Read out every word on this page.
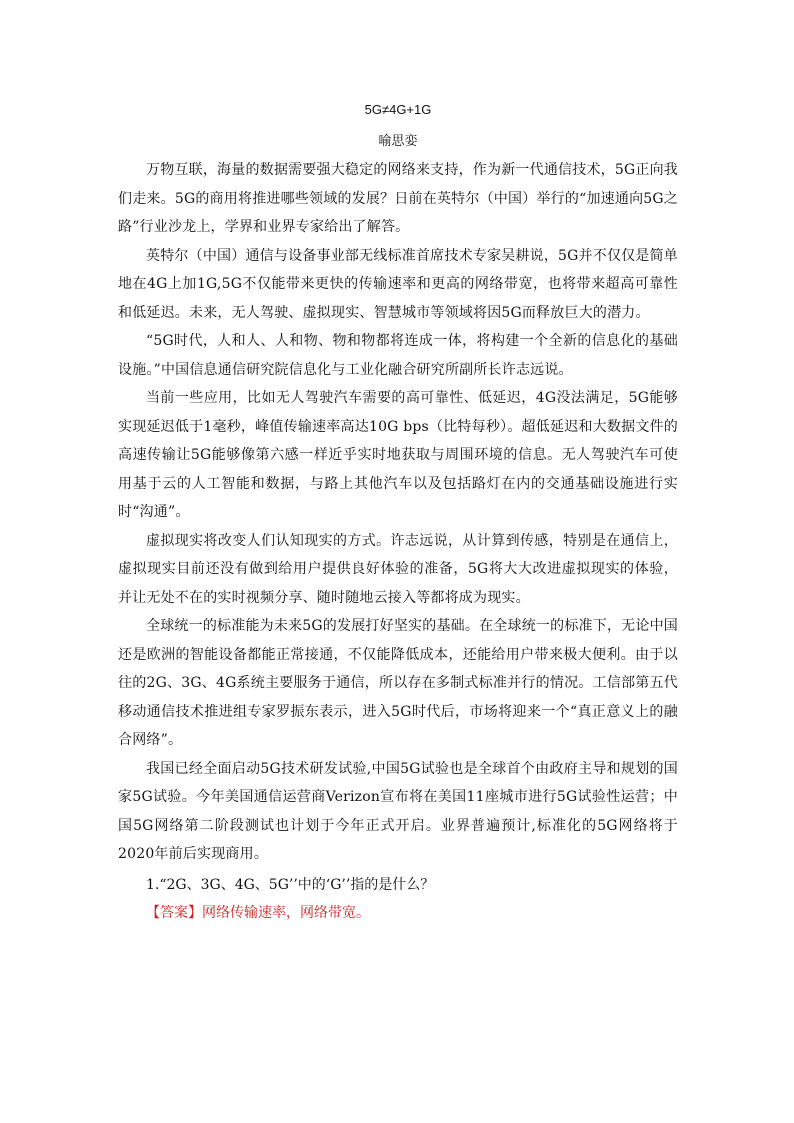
5G≠4G+1G
喻思娈

万物互联，海量的数据需要强大稳定的网络来支持，作为新一代通信技术，5G正向我们走来。5G的商用将推进哪些领域的发展？日前在英特尔（中国）举行的“加速通向5G之路”行业沙龙上，学界和业界专家给出了解答。

英特尔（中国）通信与设备事业部无线标准首席技术专家吴耕说，5G并不仅仅是简单地在4G上加1G,5G不仅能带来更快的传输速率和更高的网络带宽，也将带来超高可靠性和低延迟。未来，无人驾驶、虚拟现实、智慧城市等领域将因5G而释放巨大的潜力。

“5G时代，人和人、人和物、物和物都将连成一体，将构建一个全新的信息化的基础设施。”中国信息通信研究院信息化与工业化融合研究所副所长许志远说。

当前一些应用，比如无人驾驶汽车需要的高可靠性、低延迟，4G没法满足，5G能够实现延迟低于1毫秒，峰值传输速率高达10G bps（比特每秒）。超低延迟和大数据文件的高速传输让5G能够像第六感一样近乎实时地获取与周围环境的信息。无人驾驶汽车可使用基于云的人工智能和数据，与路上其他汽车以及包括路灯在内的交通基础设施进行实时“沟通”。

虚拟现实将改变人们认知现实的方式。许志远说，从计算到传感，特别是在通信上，虚拟现实目前还没有做到给用户提供良好体验的准备，5G将大大改进虚拟现实的体验，并让无处不在的实时视频分享、随时随地云接入等都将成为现实。

全球统一的标准能为未来5G的发展打好坚实的基础。在全球统一的标准下，无论中国还是欧洲的智能设备都能正常接通，不仅能降低成本，还能给用户带来极大便利。由于以往的2G、3G、4G系统主要服务于通信，所以存在多制式标准并行的情况。工信部第五代移动通信技术推进组专家罗振东表示，进入5G时代后，市场将迎来一个“真正意义上的融合网络”。

我国已经全面启动5G技术研发试验,中国5G试验也是全球首个由政府主导和规划的国家5G试验。今年美国通信运营商Verizon宣布将在美国11座城市进行5G试验性运营；中国5G网络第二阶段测试也计划于今年正式开启。业界普遍预计,标准化的5G网络将于2020年前后实现商用。

1.“2G、3G、4G、5G’’中的‘G’’指的是什么？

【答案】网络传输速率，网络带宽。
